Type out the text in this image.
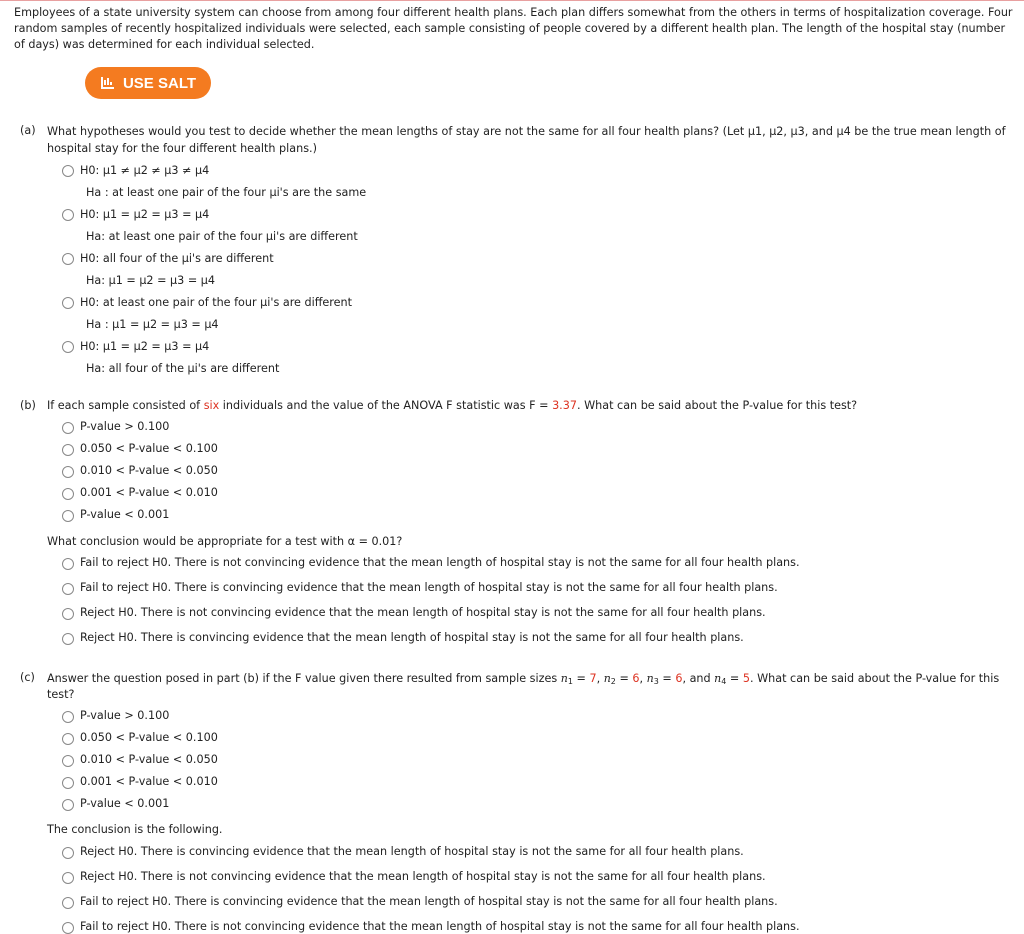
Employees of a state university system can choose from among four different health plans. Each plan differs somewhat from the others in terms of hospitalization coverage. Four random samples of recently hospitalized individuals were selected, each sample consisting of people covered by a different health plan. The length of the hospital stay (number of days) was determined for each individual selected.
USE SALT
(a) What hypotheses would you test to decide whether the mean lengths of stay are not the same for all four health plans? (Let μ1, μ2, μ3, and μ4 be the true mean length of hospital stay for the four different health plans.)
H0: μ1 ≠ μ2 ≠ μ3 ≠ μ4
Ha : at least one pair of the four μi's are the same
H0: μ1 = μ2 = μ3 = μ4
Ha: at least one pair of the four μi's are different
H0: all four of the μi's are different
Ha: μ1 = μ2 = μ3 = μ4
H0: at least one pair of the four μi's are different
Ha : μ1 = μ2 = μ3 = μ4
H0: μ1 = μ2 = μ3 = μ4
Ha: all four of the μi's are different
(b) If each sample consisted of six individuals and the value of the ANOVA F statistic was F = 3.37. What can be said about the P-value for this test?
P-value > 0.100
0.050 < P-value < 0.100
0.010 < P-value < 0.050
0.001 < P-value < 0.010
P-value < 0.001
What conclusion would be appropriate for a test with α = 0.01?
Fail to reject H0. There is not convincing evidence that the mean length of hospital stay is not the same for all four health plans.
Fail to reject H0. There is convincing evidence that the mean length of hospital stay is not the same for all four health plans.
Reject H0. There is not convincing evidence that the mean length of hospital stay is not the same for all four health plans.
Reject H0. There is convincing evidence that the mean length of hospital stay is not the same for all four health plans.
(c) Answer the question posed in part (b) if the F value given there resulted from sample sizes $n_1 = 7$, $n_2 = 6$, $n_3 = 6$, and $n_4 = 5$. What can be said about the P-value for this test?
P-value > 0.100
0.050 < P-value < 0.100
0.010 < P-value < 0.050
0.001 < P-value < 0.010
P-value < 0.001
The conclusion is the following.
Reject H0. There is convincing evidence that the mean length of hospital stay is not the same for all four health plans.
Reject H0. There is not convincing evidence that the mean length of hospital stay is not the same for all four health plans.
Fail to reject H0. There is convincing evidence that the mean length of hospital stay is not the same for all four health plans.
Fail to reject H0. There is not convincing evidence that the mean length of hospital stay is not the same for all four health plans.
